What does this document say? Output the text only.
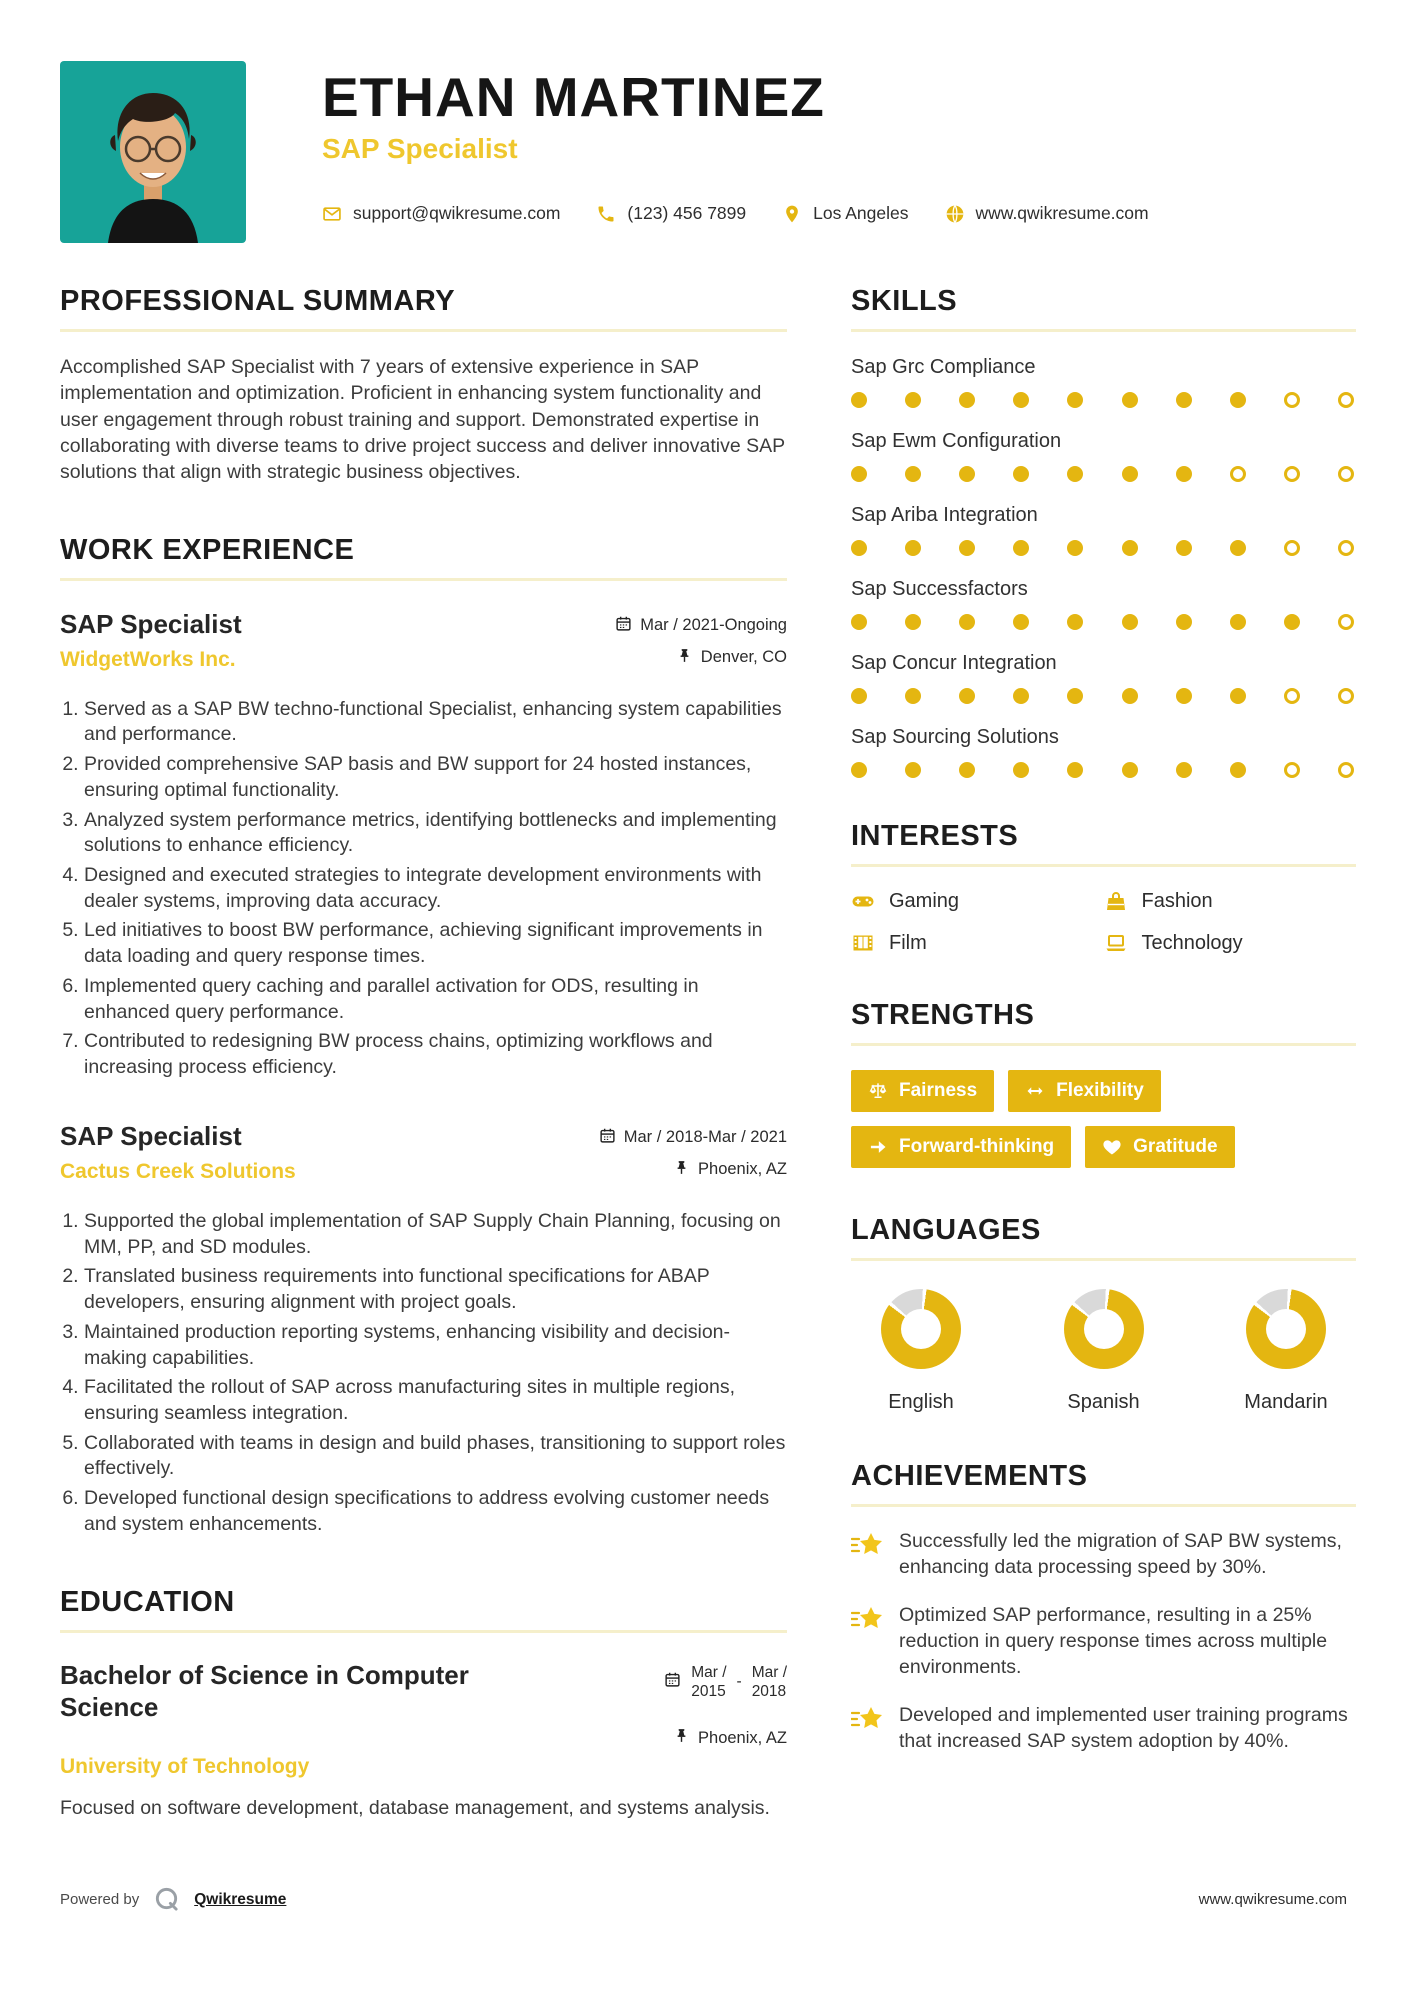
ETHAN MARTINEZ
SAP Specialist
support@qwikresume.com	(123) 456 7899	Los Angeles	www.qwikresume.com
PROFESSIONAL SUMMARY

Accomplished SAP Specialist with 7 years of extensive experience in SAP implementation and optimization. Proficient in enhancing system functionality and user engagement through robust training and support. Demonstrated expertise in collaborating with diverse teams to drive project success and deliver innovative SAP solutions that align with strategic business objectives.

WORK EXPERIENCE
SAP Specialist
WidgetWorks Inc.
Mar / 2021-Ongoing
Denver, CO
1. Served as a SAP BW techno-functional Specialist, enhancing system capabilities and performance.
2. Provided comprehensive SAP basis and BW support for 24 hosted instances, ensuring optimal functionality.
3. Analyzed system performance metrics, identifying bottlenecks and implementing solutions to enhance efficiency.
4. Designed and executed strategies to integrate development environments with dealer systems, improving data accuracy.
5. Led initiatives to boost BW performance, achieving significant improvements in data loading and query response times.
6. Implemented query caching and parallel activation for ODS, resulting in enhanced query performance.
7. Contributed to redesigning BW process chains, optimizing workflows and increasing process efficiency.
SAP Specialist
Cactus Creek Solutions
Mar / 2018-Mar / 2021
Phoenix, AZ
1. Supported the global implementation of SAP Supply Chain Planning, focusing on MM, PP, and SD modules.
2. Translated business requirements into functional specifications for ABAP developers, ensuring alignment with project goals.
3. Maintained production reporting systems, enhancing visibility and decision-making capabilities.
4. Facilitated the rollout of SAP across manufacturing sites in multiple regions, ensuring seamless integration.
5. Collaborated with teams in design and build phases, transitioning to support roles effectively.
6. Developed functional design specifications to address evolving customer needs and system enhancements.
EDUCATION
Bachelor of Science in Computer Science
Mar /
2015
-
Mar /
2018
Phoenix, AZ
University of Technology

Focused on software development, database management, and systems analysis.

SKILLS
Sap Grc Compliance
Sap Ewm Configuration
Sap Ariba Integration
Sap Successfactors
Sap Concur Integration
Sap Sourcing Solutions
INTERESTS
Gaming	Fashion
Film	Technology
STRENGTHS
Fairness	Flexibility
Forward-thinking	Gratitude
LANGUAGES
English	Spanish	Mandarin
ACHIEVEMENTS

Successfully led the migration of SAP BW systems, enhancing data processing speed by 30%.

Optimized SAP performance, resulting in a 25% reduction in query response times across multiple environments.

Developed and implemented user training programs that increased SAP system adoption by 40%.

Powered by	Qwikresume	www.qwikresume.com
